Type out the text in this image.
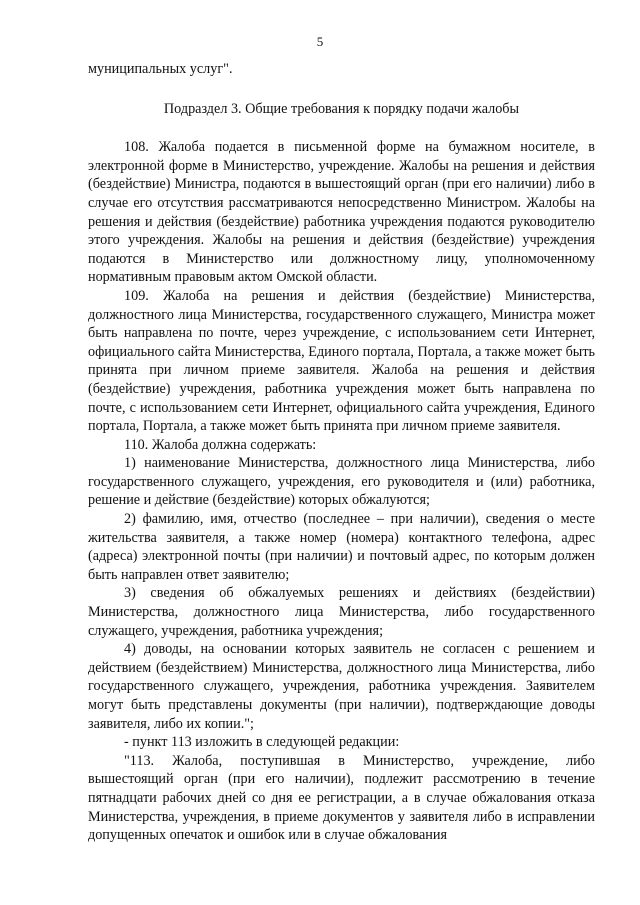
5

муниципальных услуг".

Подраздел 3. Общие требования к порядку подачи жалобы

108. Жалоба подается в письменной форме на бумажном носителе, в электронной форме в Министерство, учреждение. Жалобы на решения и действия (бездействие) Министра, подаются в вышестоящий орган (при его наличии) либо в случае его отсутствия рассматриваются непосредственно Министром. Жалобы на решения и действия (бездействие) работника учреждения подаются руководителю этого учреждения. Жалобы на решения и действия (бездействие) учреждения подаются в Министерство или должностному лицу, уполномоченному нормативным правовым актом Омской области.

109. Жалоба на решения и действия (бездействие) Министерства, должностного лица Министерства, государственного служащего, Министра может быть направлена по почте, через учреждение, с использованием сети Интернет, официального сайта Министерства, Единого портала, Портала, а также может быть принята при личном приеме заявителя. Жалоба на решения и действия (бездействие) учреждения, работника учреждения может быть направлена по почте, с использованием сети Интернет, официального сайта учреждения, Единого портала, Портала, а также может быть принята при личном приеме заявителя.

110. Жалоба должна содержать:

1) наименование Министерства, должностного лица Министерства, либо государственного служащего, учреждения, его руководителя и (или) работника, решение и действие (бездействие) которых обжалуются;

2) фамилию, имя, отчество (последнее – при наличии), сведения о месте жительства заявителя, а также номер (номера) контактного телефона, адрес (адреса) электронной почты (при наличии) и почтовый адрес, по которым должен быть направлен ответ заявителю;

3) сведения об обжалуемых решениях и действиях (бездействии) Министерства, должностного лица Министерства, либо государственного служащего, учреждения, работника учреждения;

4) доводы, на основании которых заявитель не согласен с решением и действием (бездействием) Министерства, должностного лица Министерства, либо государственного служащего, учреждения, работника учреждения. Заявителем могут быть представлены документы (при наличии), подтверждающие доводы заявителя, либо их копии.";

- пункт 113 изложить в следующей редакции:

"113. Жалоба, поступившая в Министерство, учреждение, либо вышестоящий орган (при его наличии), подлежит рассмотрению в течение пятнадцати рабочих дней со дня ее регистрации, а в случае обжалования отказа Министерства, учреждения, в приеме документов у заявителя либо в исправлении допущенных опечаток и ошибок или в случае обжалования
